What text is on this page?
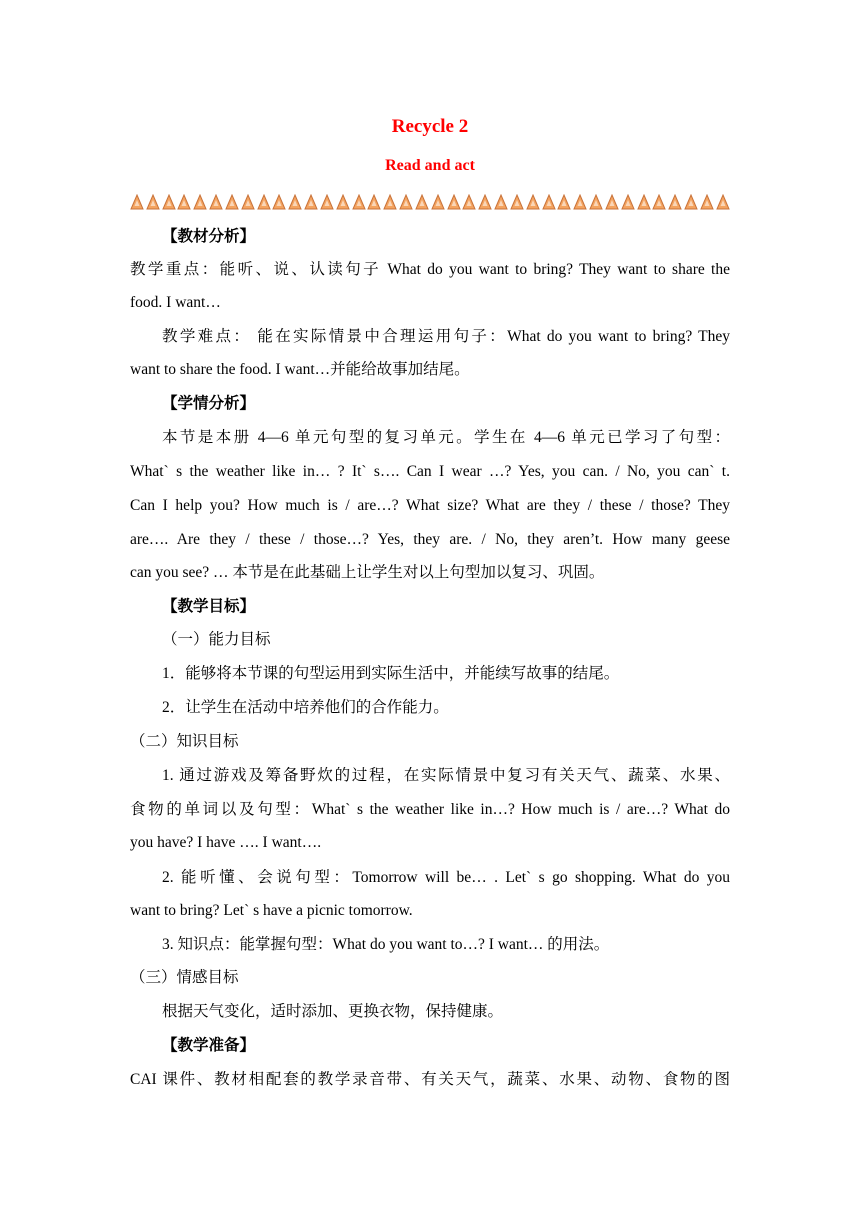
Recycle 2
Read and act
【教材分析】
教学重点：能听、说、认读句子 What do you want to bring? They want to share the
food. I want…
教学难点： 能在实际情景中合理运用句子：What do you want to bring? They
want to share the food. I want…并能给故事加结尾。
【学情分析】
本节是本册 4—6 单元句型的复习单元。学生在 4—6 单元已学习了句型：
What` s the weather like in… ? It` s…. Can I wear …? Yes, you can. / No, you can` t.
Can I help you? How much is / are…? What size? What are they / these / those? They
are…. Are they / these / those…? Yes, they are. / No, they aren’t. How many geese
can you see? … 本节是在此基础上让学生对以上句型加以复习、巩固。
【教学目标】
（一）能力目标
1．能够将本节课的句型运用到实际生活中，并能续写故事的结尾。
2．让学生在活动中培养他们的合作能力。
（二）知识目标
1. 通过游戏及筹备野炊的过程，在实际情景中复习有关天气、蔬菜、水果、
食物的单词以及句型：What` s the weather like in…? How much is / are…? What do
you have? I have …. I want….
2. 能听懂、会说句型：Tomorrow will be… . Let` s go shopping. What do you
want to bring? Let` s have a picnic tomorrow.
3. 知识点：能掌握句型：What do you want to…? I want… 的用法。
（三）情感目标
根据天气变化，适时添加、更换衣物，保持健康。
【教学准备】
CAI 课件、教材相配套的教学录音带、有关天气，蔬菜、水果、动物、食物的图
